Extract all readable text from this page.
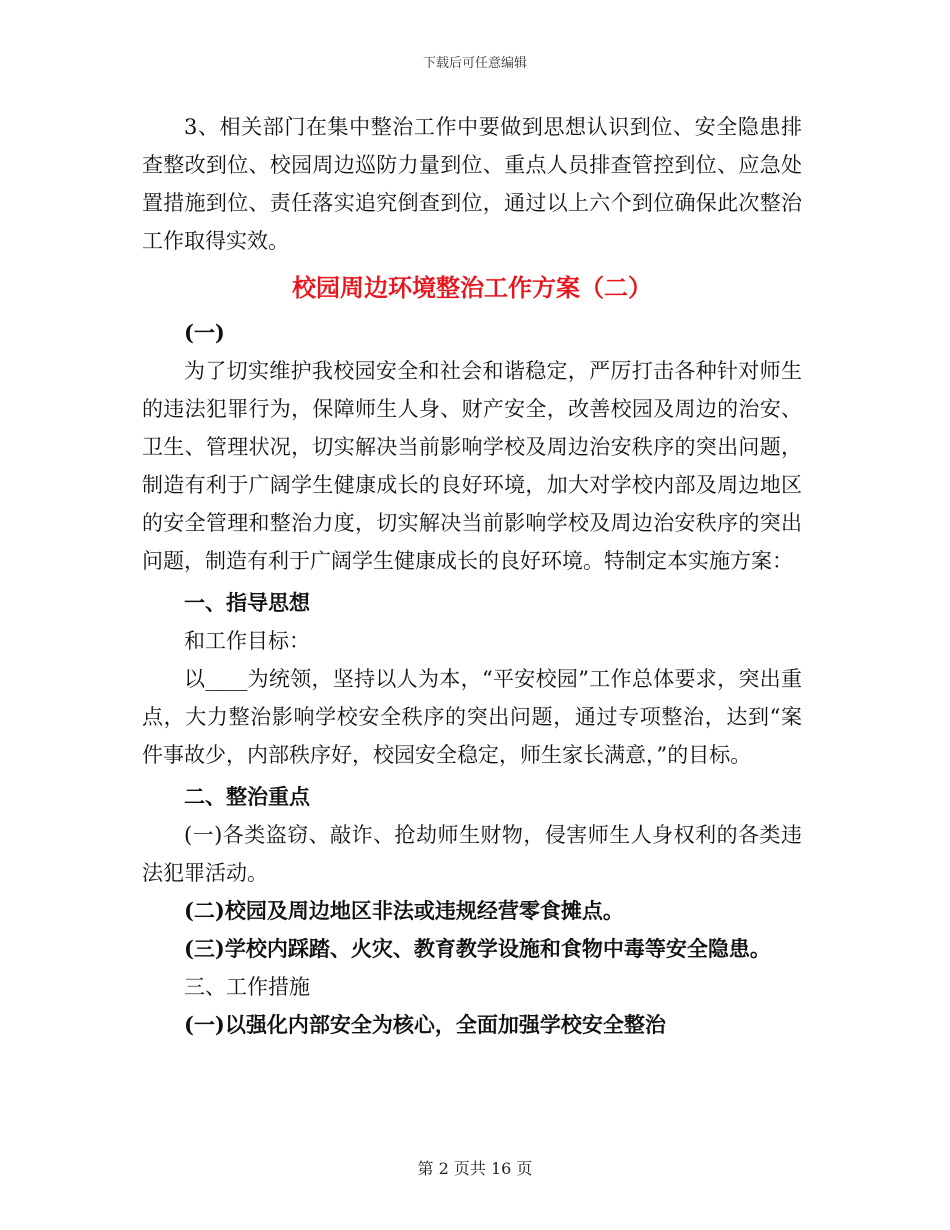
下载后可任意编辑

3、相关部门在集中整治工作中要做到思想认识到位、安全隐患排查整改到位、校园周边巡防力量到位、重点人员排查管控到位、应急处置措施到位、责任落实追究倒查到位，通过以上六个到位确保此次整治工作取得实效。

校园周边环境整治工作方案（二）

(一)

为了切实维护我校园安全和社会和谐稳定，严厉打击各种针对师生的违法犯罪行为，保障师生人身、财产安全，改善校园及周边的治安、卫生、管理状况，切实解决当前影响学校及周边治安秩序的突出问题，制造有利于广阔学生健康成长的良好环境，加大对学校内部及周边地区的安全管理和整治力度，切实解决当前影响学校及周边治安秩序的突出问题，制造有利于广阔学生健康成长的良好环境。特制定本实施方案：

一、指导思想

和工作目标：

以____为统领，坚持以人为本，“平安校园”工作总体要求，突出重点，大力整治影响学校安全秩序的突出问题，通过专项整治，达到“案件事故少，内部秩序好，校园安全稳定，师生家长满意，”的目标。

二、整治重点

(一)各类盗窃、敲诈、抢劫师生财物，侵害师生人身权利的各类违法犯罪活动。

(二)校园及周边地区非法或违规经营零食摊点。

(三)学校内踩踏、火灾、教育教学设施和食物中毒等安全隐患。

三、工作措施

(一)以强化内部安全为核心，全面加强学校安全整治

第 2 页共 16 页
